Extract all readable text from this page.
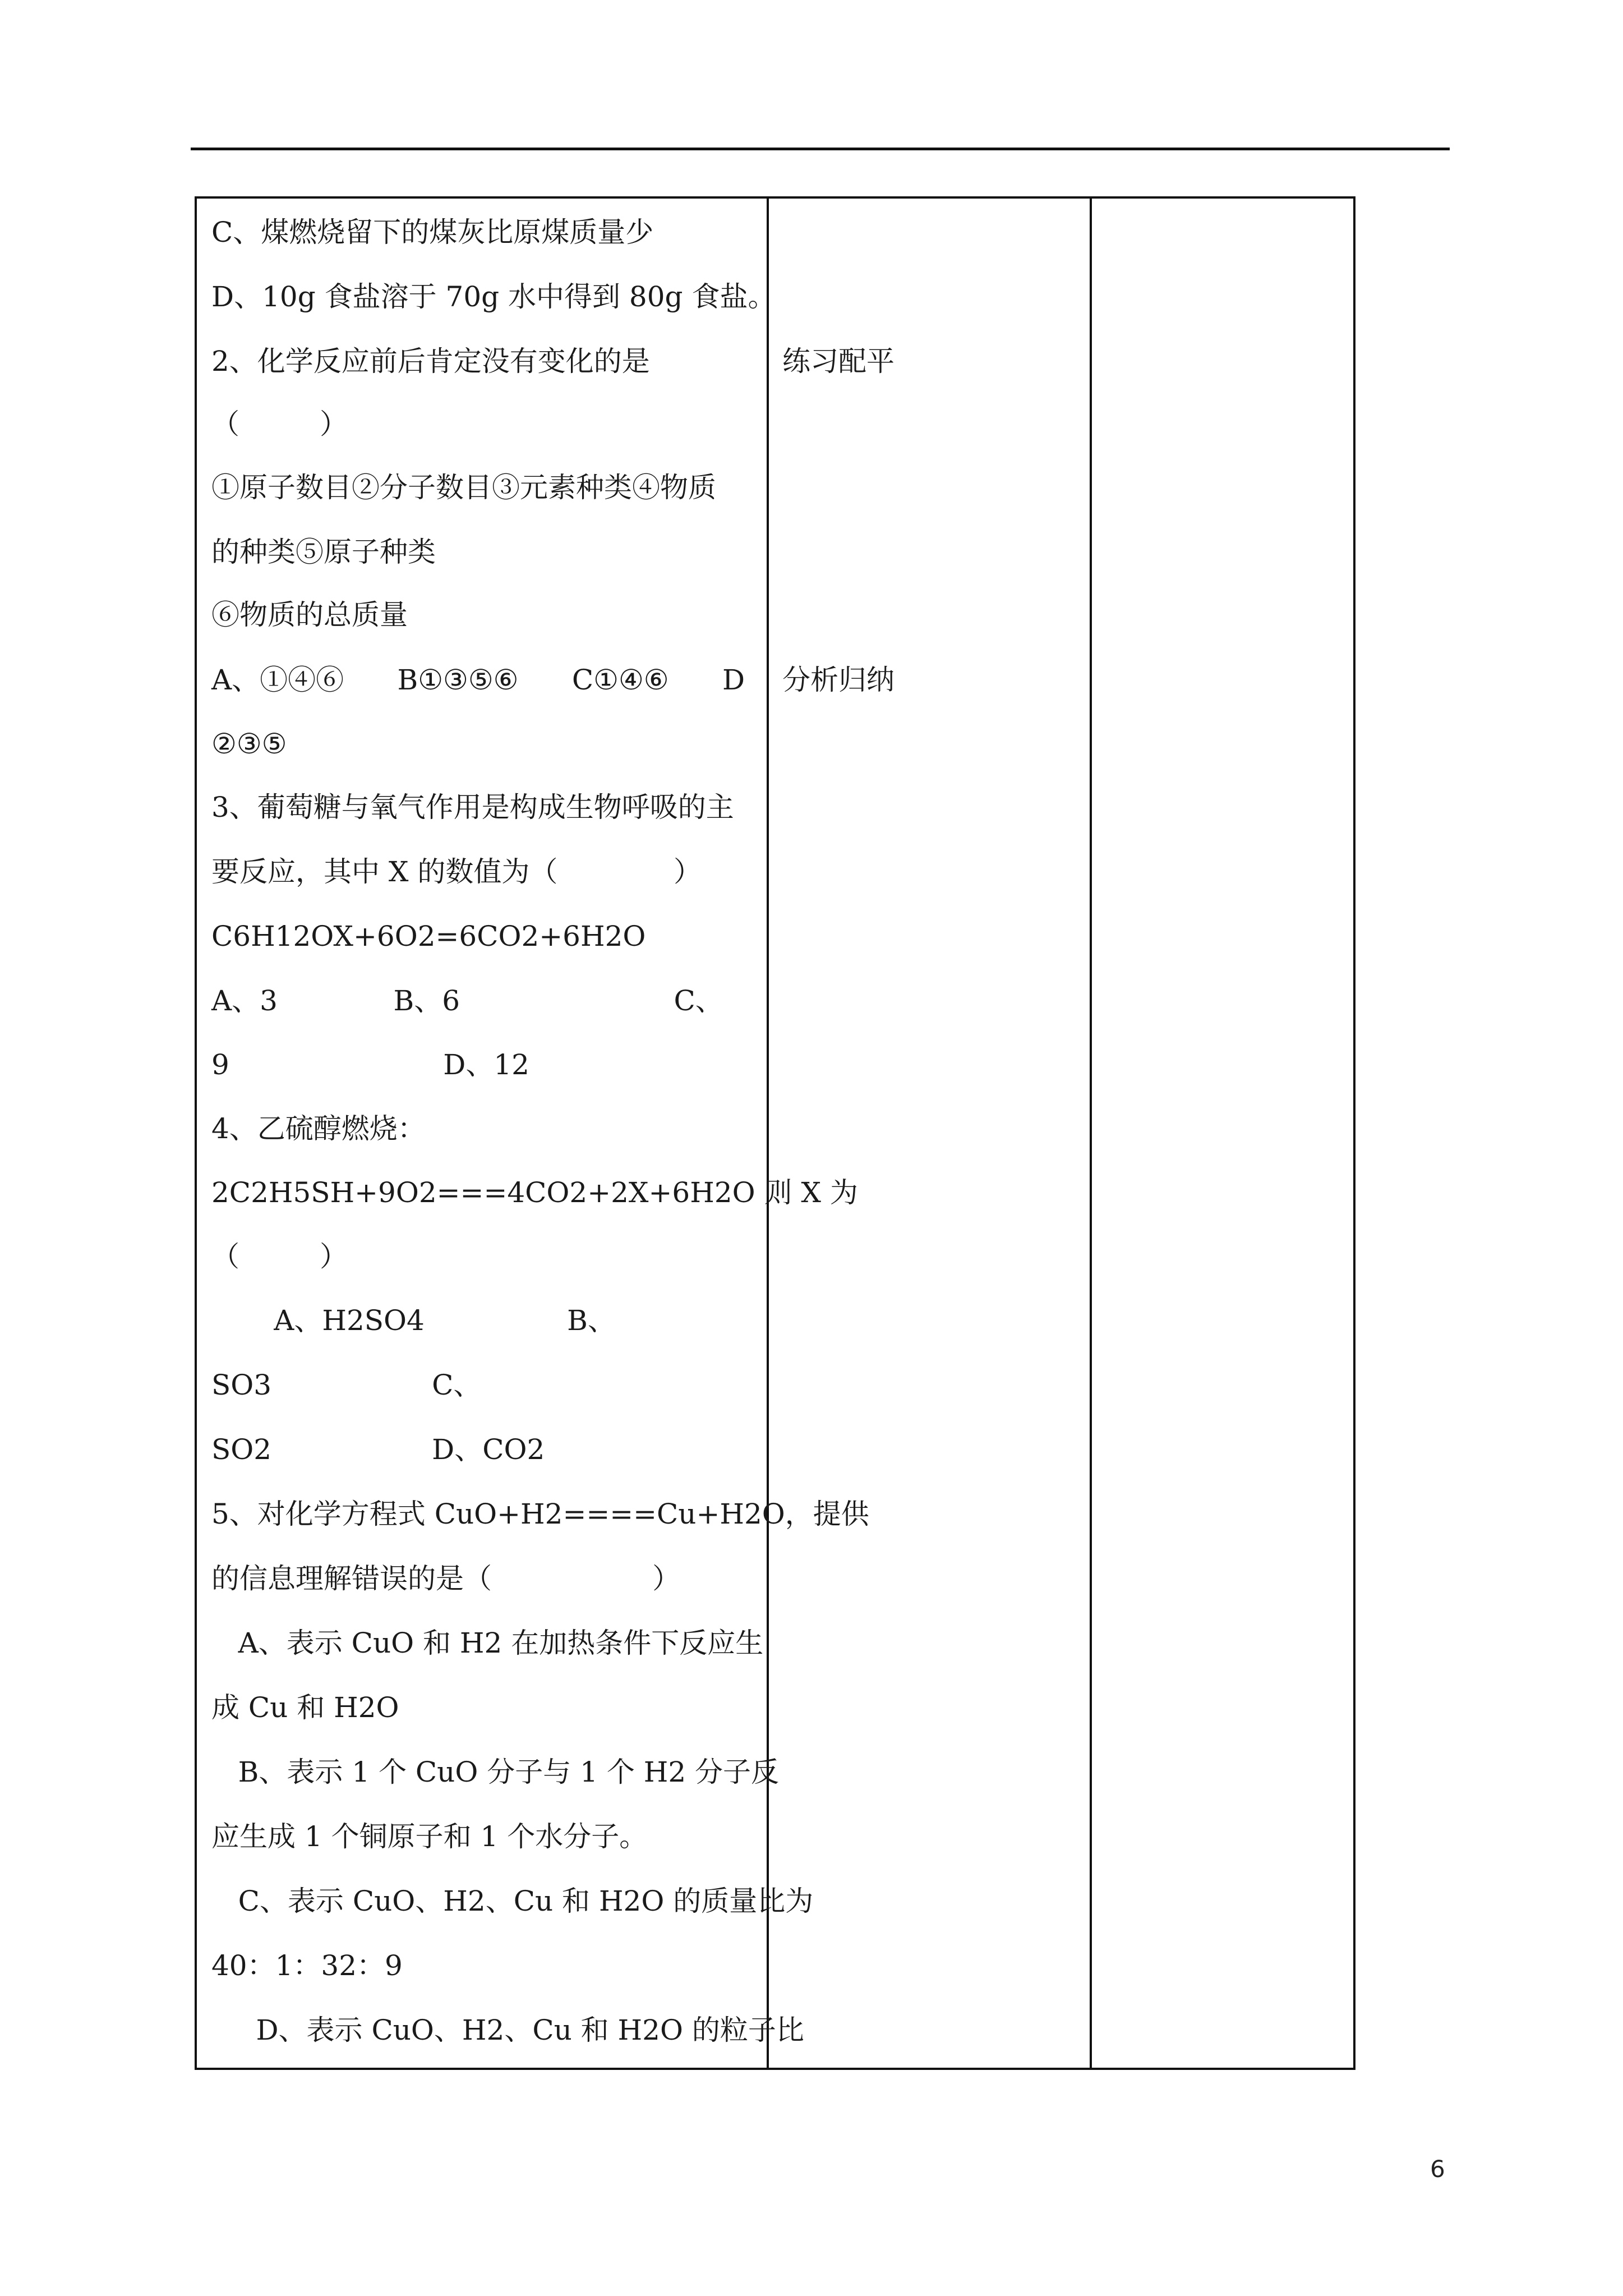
C、煤燃烧留下的煤灰比原煤质量少
D、10g 食盐溶于 70g 水中得到 80g 食盐。
2、化学反应前后肯定没有变化的是
（         ）
①原子数目②分子数目③元素种类④物质
的种类⑤原子种类
⑥物质的总质量
A、①④⑥      B①③⑤⑥      C①④⑥      D
②③⑤
3、葡萄糖与氧气作用是构成生物呼吸的主
要反应，其中 X 的数值为（             ）
C6H12OX+6O2=6CO2+6H2O
A、3             B、6                        C、
9                        D、12
4、乙硫醇燃烧：
2C2H5SH+9O2===4CO2+2X+6H2O 则 X 为
（         ）
A、H2SO4                B、
SO3                  C、
SO2                  D、CO2
5、对化学方程式 CuO+H2====Cu+H2O，提供
的信息理解错误的是（                  ）
A、表示 CuO 和 H2 在加热条件下反应生
成 Cu 和 H2O
B、表示 1 个 CuO 分子与 1 个 H2 分子反
应生成 1 个铜原子和 1 个水分子。
C、表示 CuO、H2、Cu 和 H2O 的质量比为
40：1：32：9
D、表示 CuO、H2、Cu 和 H2O 的粒子比
练习配平
分析归纳
6
